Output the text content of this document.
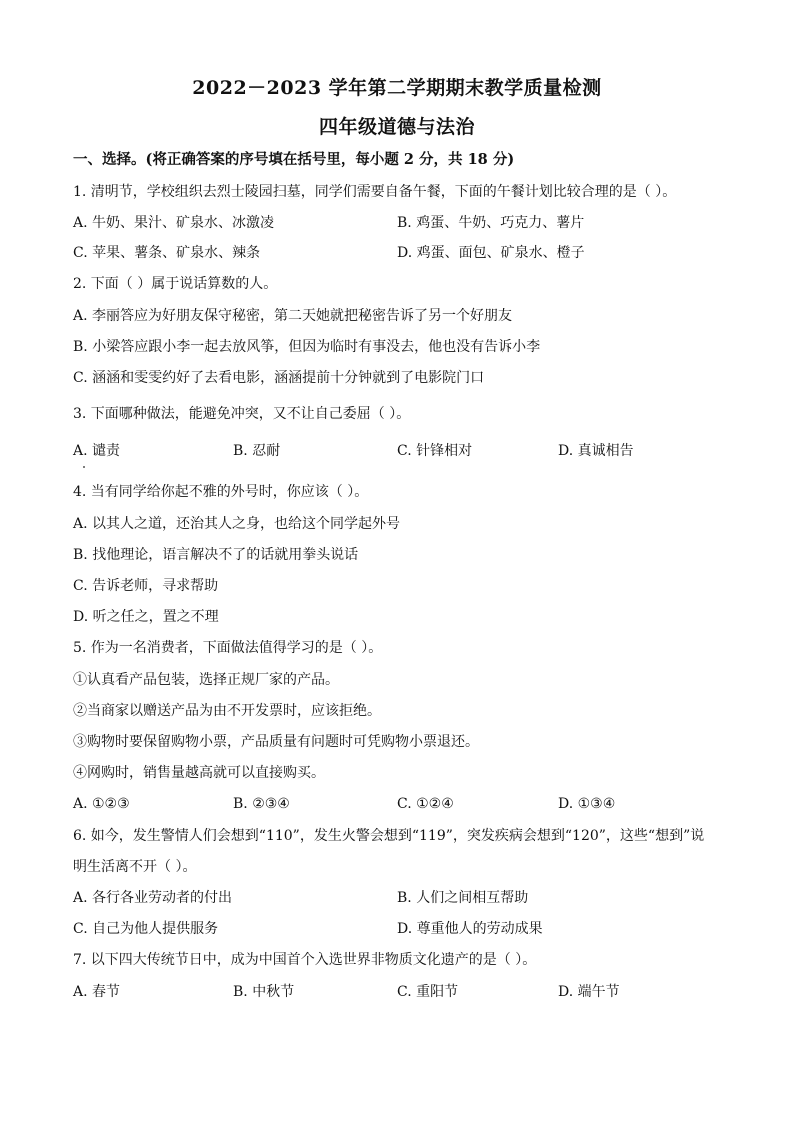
2022－2023 学年第二学期期末教学质量检测
四年级道德与法治
一、选择。(将正确答案的序号填在括号里，每小题 2 分，共 18 分)
1. 清明节，学校组织去烈士陵园扫墓，同学们需要自备午餐，下面的午餐计划比较合理的是（ ）。
A. 牛奶、果汁、矿泉水、冰激凌	B. 鸡蛋、牛奶、巧克力、薯片
C. 苹果、薯条、矿泉水、辣条	D. 鸡蛋、面包、矿泉水、橙子
2. 下面（ ）属于说话算数的人。
A. 李丽答应为好朋友保守秘密，第二天她就把秘密告诉了另一个好朋友
B. 小梁答应跟小李一起去放风筝，但因为临时有事没去，他也没有告诉小李
C. 涵涵和雯雯约好了去看电影，涵涵提前十分钟就到了电影院门口
3. 下面哪种做法，能避免冲突，又不让自己委屈（ ）。
A. 谴责	B. 忍耐	C. 针锋相对	D. 真诚相告
4. 当有同学给你起不雅的外号时，你应该（ ）。
A. 以其人之道，还治其人之身，也给这个同学起外号
B. 找他理论，语言解决不了的话就用拳头说话
C. 告诉老师，寻求帮助
D. 听之任之，置之不理
5. 作为一名消费者，下面做法值得学习的是（ ）。
①认真看产品包装，选择正规厂家的产品。
②当商家以赠送产品为由不开发票时，应该拒绝。
③购物时要保留购物小票，产品质量有问题时可凭购物小票退还。
④网购时，销售量越高就可以直接购买。
A. ①②③	B. ②③④	C. ①②④	D. ①③④
6. 如今，发生警情人们会想到“110”，发生火警会想到“119”，突发疾病会想到“120”，这些“想到”说
明生活离不开（ ）。
A. 各行各业劳动者的付出	B. 人们之间相互帮助
C. 自己为他人提供服务	D. 尊重他人的劳动成果
7. 以下四大传统节日中，成为中国首个入选世界非物质文化遗产的是（ ）。
A. 春节	B. 中秋节	C. 重阳节	D. 端午节
